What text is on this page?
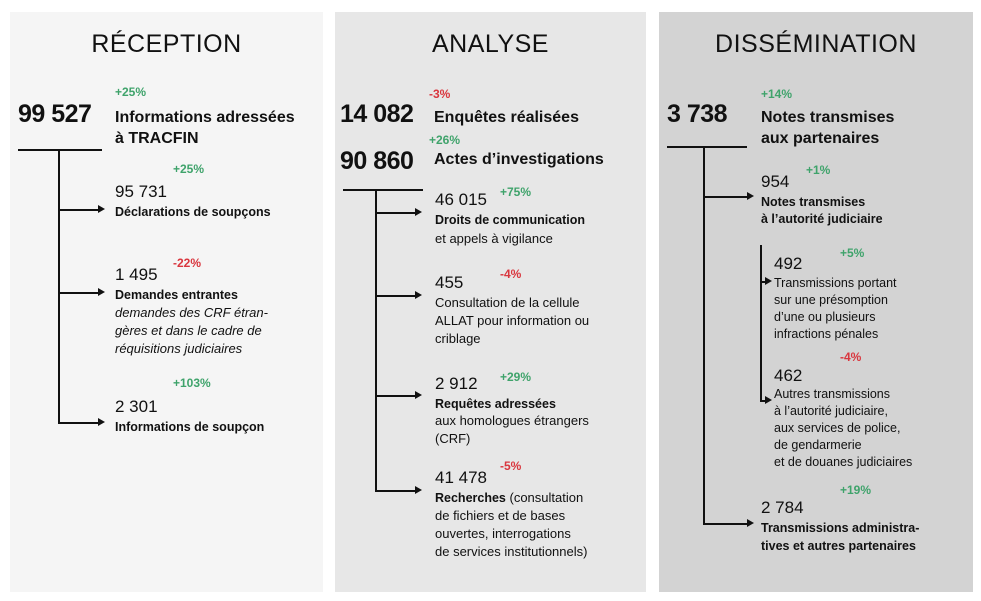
RÉCEPTION
+25%
99 527 Informations adressées
à TRACFIN
+25%
95 731
Déclarations de soupçons
-22%
1 495
Demandes entrantes
demandes des CRF étran-
gères et dans le cadre de
réquisitions judiciaires
+103%
2 301
Informations de soupçon
ANALYSE
-3%
14 082 Enquêtes réalisées
+26%
90 860 Actes d’investigations
46 015 +75%
Droits de communication
et appels à vigilance
455	-4%
Consultation de la cellule
ALLAT pour information ou
criblage
2 912 +29%
Requêtes adressées
aux homologues étrangers
(CRF)
41 478
-5%
Recherches (consultation
de fichiers et de bases
ouvertes, interrogations
de services institutionnels)
DISSÉMINATION
+14%
3 738 Notes transmises
aux partenaires
954
+1%
Notes transmises
à l’autorité judiciaire
+5%
492
Transmissions portant
sur une présomption
d’une ou plusieurs
infractions pénales
-4%
462
Autres transmissions
à l’autorité judiciaire,
aux services de police,
de gendarmerie
et de douanes judiciaires
+19%
2 784
Transmissions administra-
tives et autres partenaires
